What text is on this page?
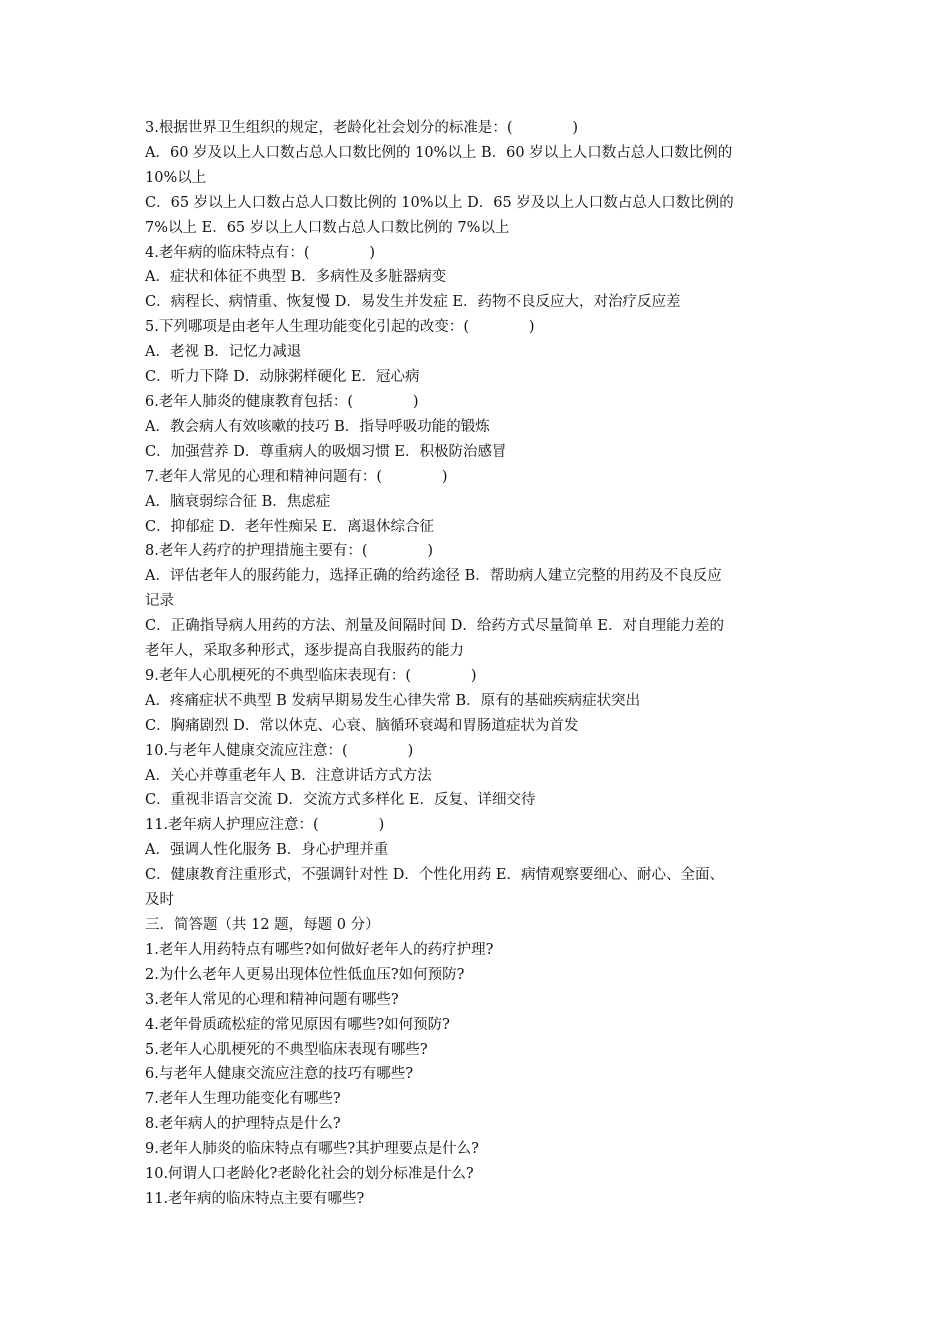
3.根据世界卫生组织的规定，老龄化社会划分的标准是：(             )

A．60 岁及以上人口数占总人口数比例的 10%以上 B．60 岁以上人口数占总人口数比例的

10%以上

C．65 岁以上人口数占总人口数比例的 10%以上 D．65 岁及以上人口数占总人口数比例的

7%以上 E．65 岁以上人口数占总人口数比例的 7%以上

4.老年病的临床特点有：(             )

A．症状和体征不典型 B．多病性及多脏器病变

C．病程长、病情重、恢复慢 D．易发生并发症 E．药物不良反应大，对治疗反应差

5.下列哪项是由老年人生理功能变化引起的改变：(             )

A．老视 B．记忆力减退

C．听力下降 D．动脉粥样硬化 E．冠心病

6.老年人肺炎的健康教育包括：(             )

A．教会病人有效咳嗽的技巧 B．指导呼吸功能的锻炼

C．加强营养 D．尊重病人的吸烟习惯 E．积极防治感冒

7.老年人常见的心理和精神问题有：(             )

A．脑衰弱综合征 B．焦虑症

C．抑郁症 D．老年性痴呆 E．离退休综合征

8.老年人药疗的护理措施主要有：(             )

A．评估老年人的服药能力，选择正确的给药途径 B．帮助病人建立完整的用药及不良反应

记录

C．正确指导病人用药的方法、剂量及间隔时间 D．给药方式尽量简单 E．对自理能力差的

老年人，采取多种形式，逐步提高自我服药的能力

9.老年人心肌梗死的不典型临床表现有：(             )

A．疼痛症状不典型 B 发病早期易发生心律失常 B．原有的基础疾病症状突出

C．胸痛剧烈 D．常以休克、心衰、脑循环衰竭和胃肠道症状为首发

10.与老年人健康交流应注意：(             )

A．关心并尊重老年人 B．注意讲话方式方法

C．重视非语言交流 D．交流方式多样化 E．反复、详细交待

11.老年病人护理应注意：(             )

A．强调人性化服务 B．身心护理并重

C．健康教育注重形式，不强调针对性 D．个性化用药 E．病情观察要细心、耐心、全面、

及时

三．简答题（共 12 题，每题 0 分）

1.老年人用药特点有哪些?如何做好老年人的药疗护理?

2.为什么老年人更易出现体位性低血压?如何预防?

3.老年人常见的心理和精神问题有哪些?

4.老年骨质疏松症的常见原因有哪些?如何预防?

5.老年人心肌梗死的不典型临床表现有哪些?

6.与老年人健康交流应注意的技巧有哪些?

7.老年人生理功能变化有哪些?

8.老年病人的护理特点是什么?

9.老年人肺炎的临床特点有哪些?其护理要点是什么?

10.何谓人口老龄化?老龄化社会的划分标准是什么?

11.老年病的临床特点主要有哪些?
